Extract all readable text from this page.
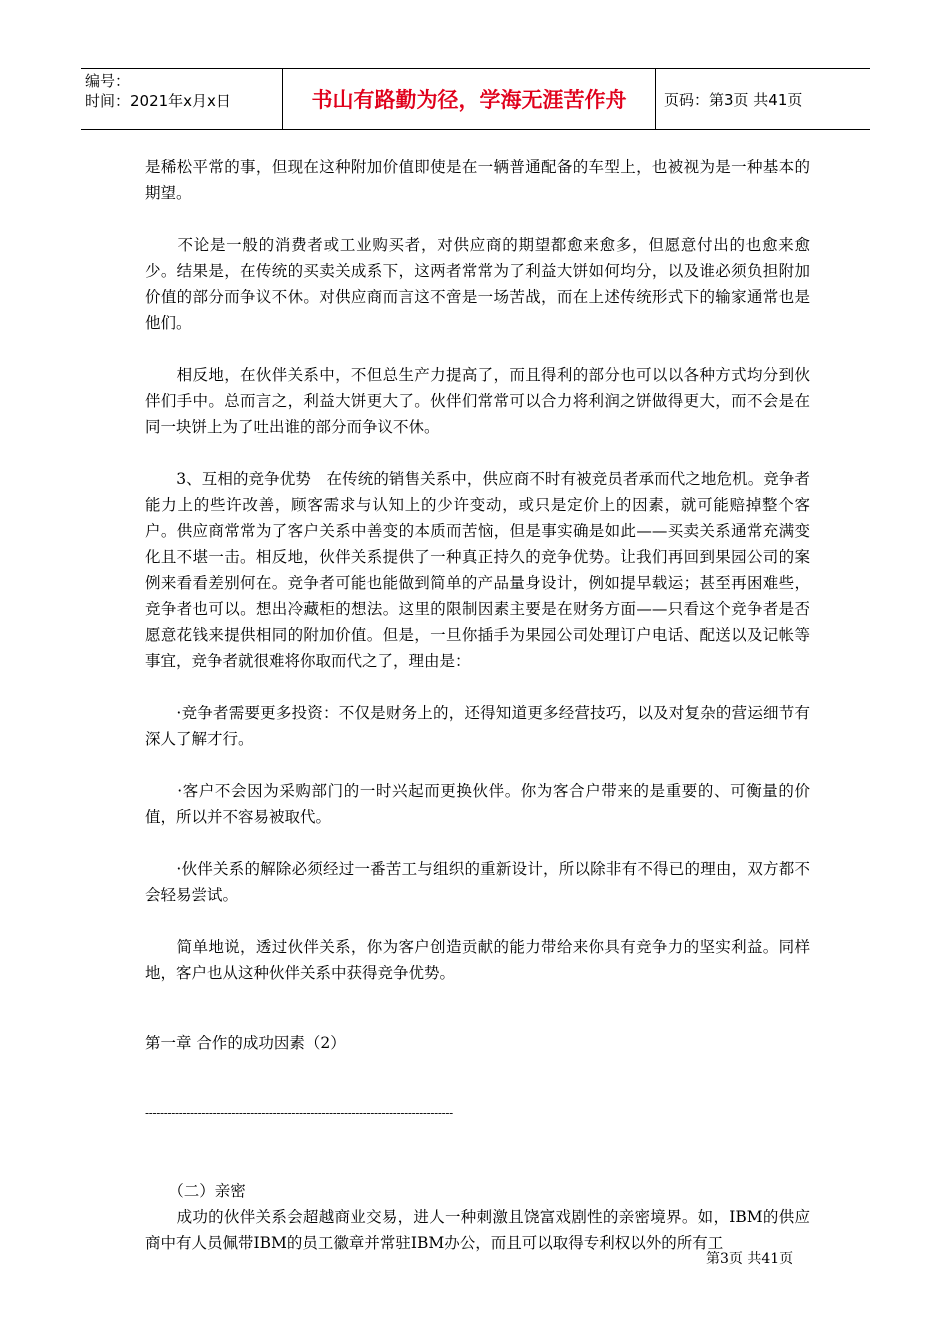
编号：
时间：2021年x月x日	书山有路勤为径，学海无涯苦作舟	页码：第3页 共41页

是稀松平常的事，但现在这种附加价值即使是在一辆普通配备的车型上，也被视为是一种基本的期望。

　　不论是一般的消费者或工业购买者，对供应商的期望都愈来愈多，但愿意付出的也愈来愈少。结果是，在传统的买卖关成系下，这两者常常为了利益大饼如何均分，以及谁必须负担附加价值的部分而争议不休。对供应商而言这不啻是一场苦战，而在上述传统形式下的输家通常也是他们。

　　相反地，在伙伴关系中，不但总生产力提高了，而且得利的部分也可以以各种方式均分到伙伴们手中。总而言之，利益大饼更大了。伙伴们常常可以合力将利润之饼做得更大，而不会是在同一块饼上为了吐出谁的部分而争议不休。

　　3、互相的竞争优势　在传统的销售关系中，供应商不时有被竞员者承而代之地危机。竞争者能力上的些许改善，顾客需求与认知上的少许变动，或只是定价上的因素，就可能赔掉整个客户。供应商常常为了客户关系中善变的本质而苦恼，但是事实确是如此——买卖关系通常充满变化且不堪一击。相反地，伙伴关系提供了一种真正持久的竞争优势。让我们再回到果园公司的案例来看看差别何在。竞争者可能也能做到简单的产品量身设计，例如提早载运；甚至再困难些，竞争者也可以。想出冷藏柜的想法。这里的限制因素主要是在财务方面——只看这个竞争者是否愿意花钱来提供相同的附加价值。但是，一旦你插手为果园公司处理订户电话、配送以及记帐等事宜，竞争者就很难将你取而代之了，理由是：

　　·竞争者需要更多投资：不仅是财务上的，还得知道更多经营技巧，以及对复杂的营运细节有深人了解才行。

　　·客户不会因为采购部门的一时兴起而更换伙伴。你为客合户带来的是重要的、可衡量的价值，所以并不容易被取代。

　　·伙伴关系的解除必须经过一番苦工与组织的重新设计，所以除非有不得已的理由，双方都不会轻易尝试。

　　简单地说，透过伙伴关系，你为客户创造贡献的能力带给来你具有竞争力的坚实利益。同样地，客户也从这种伙伴关系中获得竞争优势。

第一章 合作的成功因素（2）

----------------------------------------------------------------------------------

　　（二）亲密

　　成功的伙伴关系会超越商业交易，进人一种刺激且饶富戏剧性的亲密境界。如，IBM的供应商中有人员佩带IBM的员工徽章并常驻IBM办公，而且可以取得专利权以外的所有工

第3页 共41页
